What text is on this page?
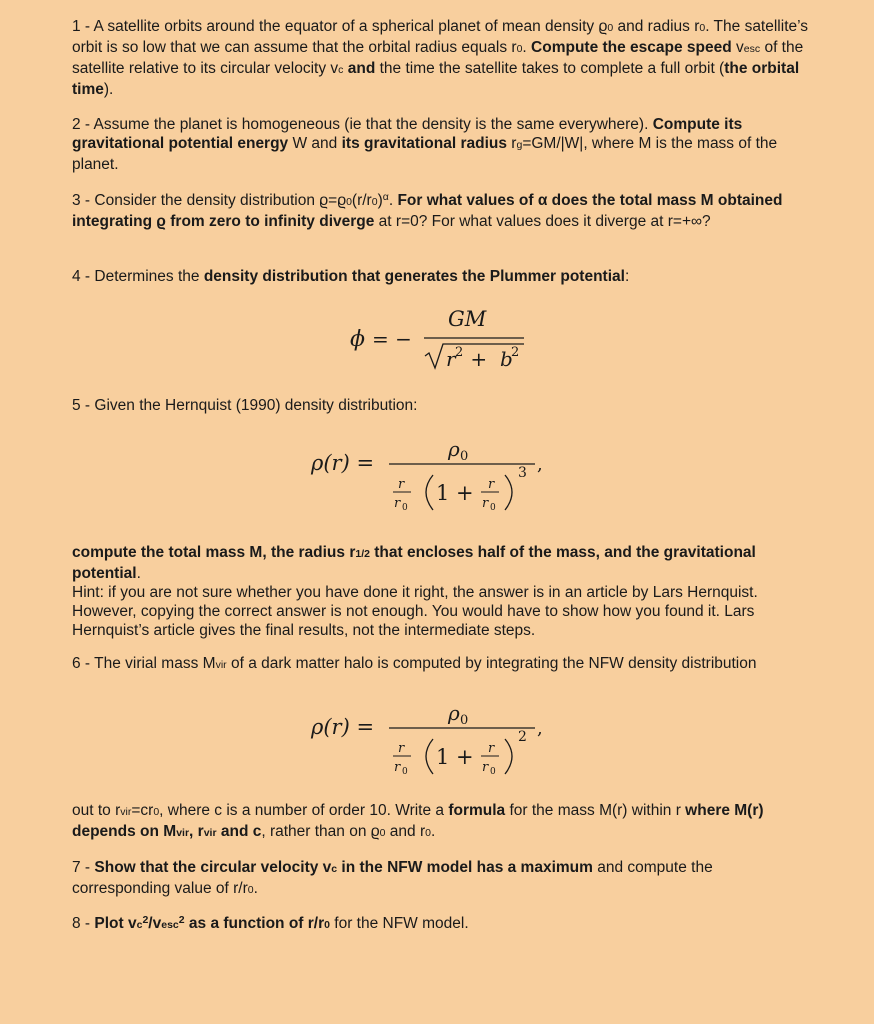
1 - A satellite orbits around the equator of a spherical planet of mean density ϱ0 and radius r0. The satellite’s orbit is so low that we can assume that the orbital radius equals r0. Compute the escape speed vesc of the satellite relative to its circular velocity vc and the time the satellite takes to complete a full orbit (the orbital time).

2 - Assume the planet is homogeneous (ie that the density is the same everywhere). Compute its gravitational potential energy W and its gravitational radius rg=GM/|W|, where M is the mass of the planet.

3 - Consider the density distribution $ϱ=ϱ0(r/r0)^\alpha$. For what values of α does the total mass M obtained integrating ϱ from zero to infinity diverge at r=0? For what values does it diverge at r=+∞?

4 - Determines the density distribution that generates the Plummer potential:

ϕ = −
GM
r 2 + b
2

5 - Given the Hernquist (1990) density distribution:

ρ(r) =
ρ 0
r
r 0
1 + r
r 0
3 ,

compute the total mass M, the radius r1/2 that encloses half of the mass, and the gravitational potential.
Hint: if you are not sure whether you have done it right, the answer is in an article by Lars Hernquist. However, copying the correct answer is not enough. You would have to show how you found it. Lars Hernquist’s article gives the final results, not the intermediate steps.

6 - The virial mass Mvir of a dark matter halo is computed by integrating the NFW density distribution

ρ(r) =
ρ 0
r
r 0
1 + r
r 0
2 ,

out to rvir=cr0, where c is a number of order 10. Write a formula for the mass M(r) within r where M(r) depends on Mvir, rvir and c, rather than on ϱ0 and r0.

7 - Show that the circular velocity vc in the NFW model has a maximum and compute the corresponding value of r/r0.

8 - Plot $vc^2/vesc^2$ as a function of r/r0 for the NFW model.
